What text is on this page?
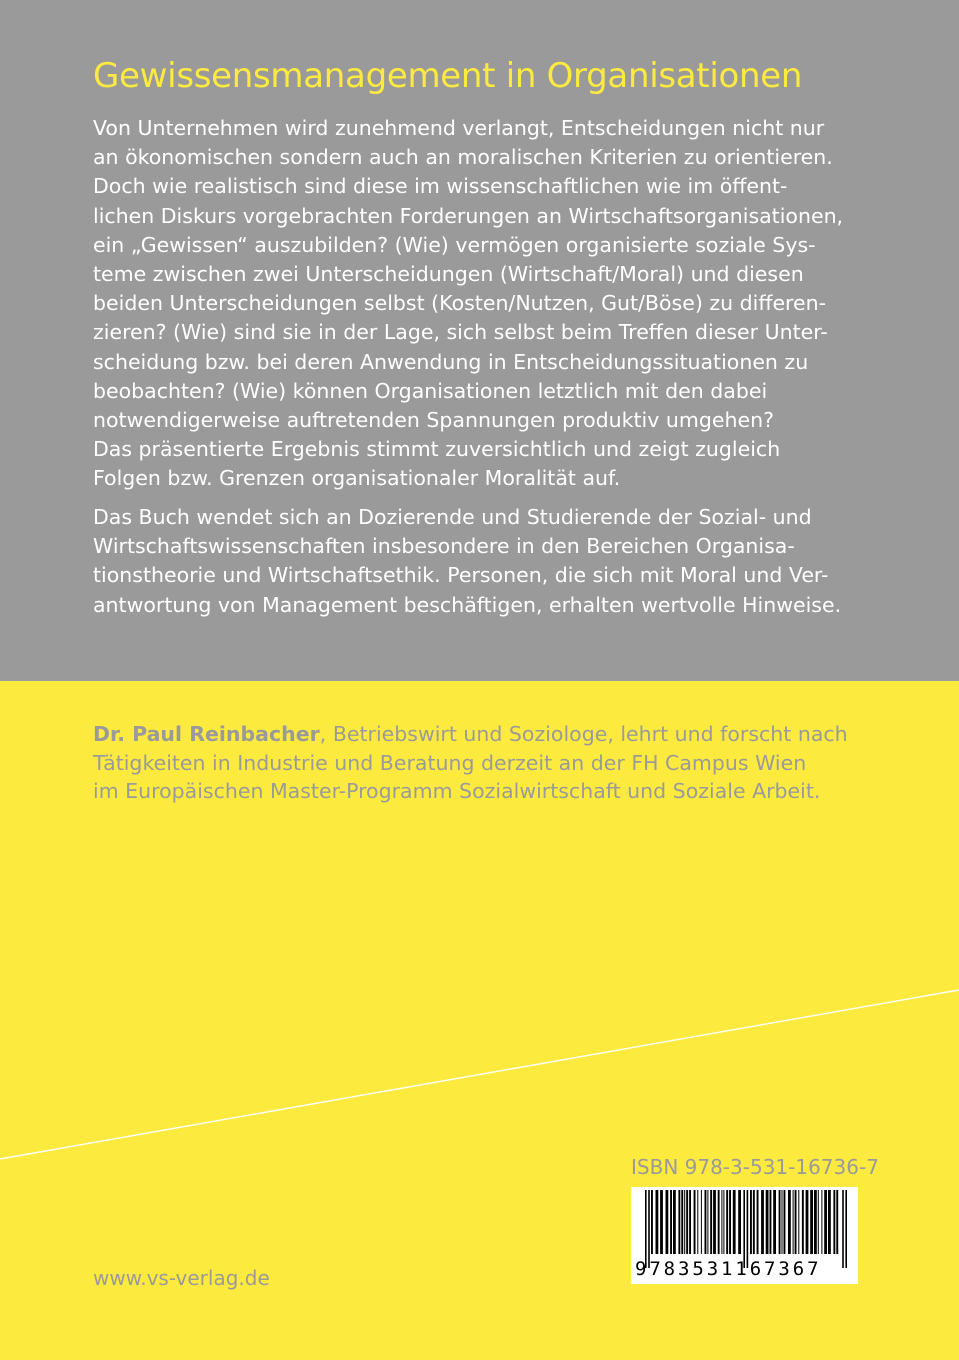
Gewissensmanagement in Organisationen
Von Unternehmen wird zunehmend verlangt, Entscheidungen nicht nur
an ökonomischen sondern auch an moralischen Kriterien zu orientieren.
Doch wie realistisch sind diese im wissenschaftlichen wie im öffent-
lichen Diskurs vorgebrachten Forderungen an Wirtschaftsorganisationen,
ein „Gewissen“ auszubilden? (Wie) vermögen organisierte soziale Sys-
teme zwischen zwei Unterscheidungen (Wirtschaft/Moral) und diesen
beiden Unterscheidungen selbst (Kosten/Nutzen, Gut/Böse) zu differen-
zieren? (Wie) sind sie in der Lage, sich selbst beim Treffen dieser Unter-
scheidung bzw. bei deren Anwendung in Entscheidungssituationen zu
beobachten? (Wie) können Organisationen letztlich mit den dabei
notwendigerweise auftretenden Spannungen produktiv umgehen?
Das präsentierte Ergebnis stimmt zuversichtlich und zeigt zugleich
Folgen bzw. Grenzen organisationaler Moralität auf.
Das Buch wendet sich an Dozierende und Studierende der Sozial- und
Wirtschaftswissenschaften insbesondere in den Bereichen Organisa-
tionstheorie und Wirtschaftsethik. Personen, die sich mit Moral und Ver-
antwortung von Management beschäftigen, erhalten wertvolle Hinweise.
Dr. Paul Reinbacher, Betriebswirt und Soziologe, lehrt und forscht nach
Tätigkeiten in Industrie und Beratung derzeit an der FH Campus Wien
im Europäischen Master-Programm Sozialwirtschaft und Soziale Arbeit.
ISBN 978-3-531-16736-7
9783531167367
www.vs-verlag.de
